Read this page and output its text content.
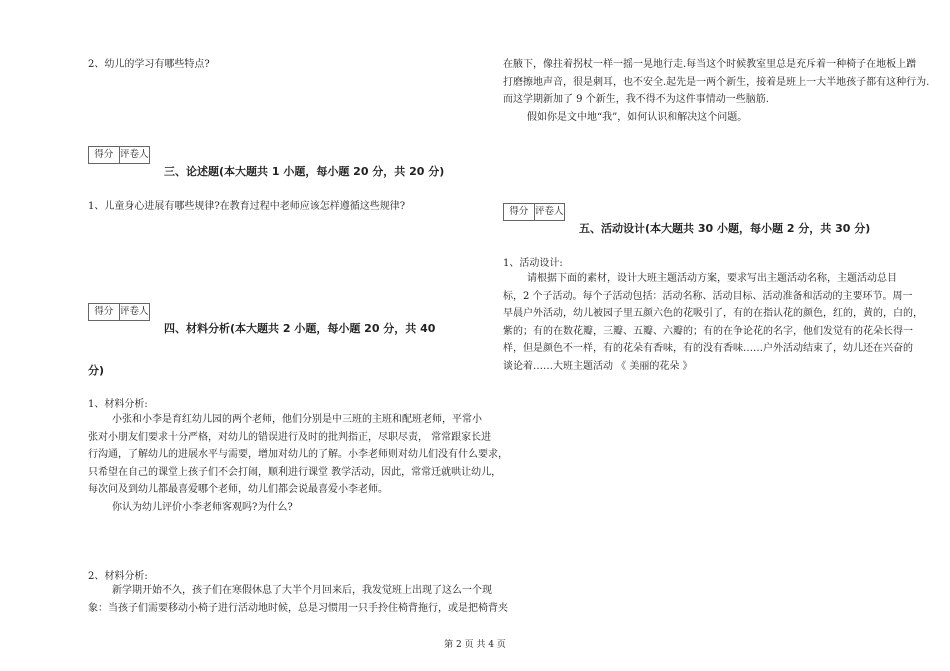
2、幼儿的学习有哪些特点?
得分 评卷人
三、论述题(本大题共 1 小题，每小题 20 分，共 20 分)
1、儿童身心进展有哪些规律?在教育过程中老师应该怎样遵循这些规律?
得分 评卷人
四、材料分析(本大题共 2 小题，每小题 20 分，共 40
分)
1、材料分析:
小张和小李是育红幼儿园的两个老师，他们分别是中三班的主班和配班老师，平常小
张对小朋友们要求十分严格，对幼儿的错误进行及时的批判指正，尽职尽责， 常常跟家长进
行沟通，了解幼儿的进展水平与需要，增加对幼儿的了解。小李老师则对幼儿们没有什么要求，
只希望在自己的课堂上孩子们不会打闹，顺利进行课堂 教学活动，因此，常常迁就哄让幼儿，
每次问及到幼儿都最喜爱哪个老师，幼儿们都会说最喜爱小李老师。
你认为幼儿评价小李老师客观吗?为什么?
2、材料分析:
新学期开始不久，孩子们在寒假休息了大半个月回来后，我发觉班上出现了这么一个现
象：当孩子们需要移动小椅子进行活动地时候，总是习惯用一只手拎住椅背拖行，或是把椅背夹
在腋下，像拄着拐杖一样一摇一晃地行走.每当这个时候教室里总是充斥着一种椅子在地板上蹭
打磨擦地声音，很是刺耳，也不安全.起先是一两个新生，接着是班上一大半地孩子都有这种行为.
而这学期新加了 9 个新生，我不得不为这件事情动一些脑筋.
假如你是文中地“我”，如何认识和解决这个问题。
得分 评卷人
五、活动设计(本大题共 30 小题，每小题 2 分，共 30 分)
1、活动设计:
请根据下面的素材，设计大班主题活动方案，要求写出主题活动名称，主题活动总目
标，2 个子活动。每个子活动包括：活动名称、活动目标、活动准备和活动的主要环节。周一
早晨户外活动，幼儿被园子里五颜六色的花吸引了，有的在指认花的颜色，红的，黄的，白的，
紫的；有的在数花瓣，三瓣、五瓣、六瓣的；有的在争论花的名字，他们发觉有的花朵长得一
样，但是颜色不一样，有的花朵有香味，有的没有香味……户外活动结束了，幼儿还在兴奋的
谈论着……大班主题活动 《 美丽的花朵 》
第 2 页 共 4 页
